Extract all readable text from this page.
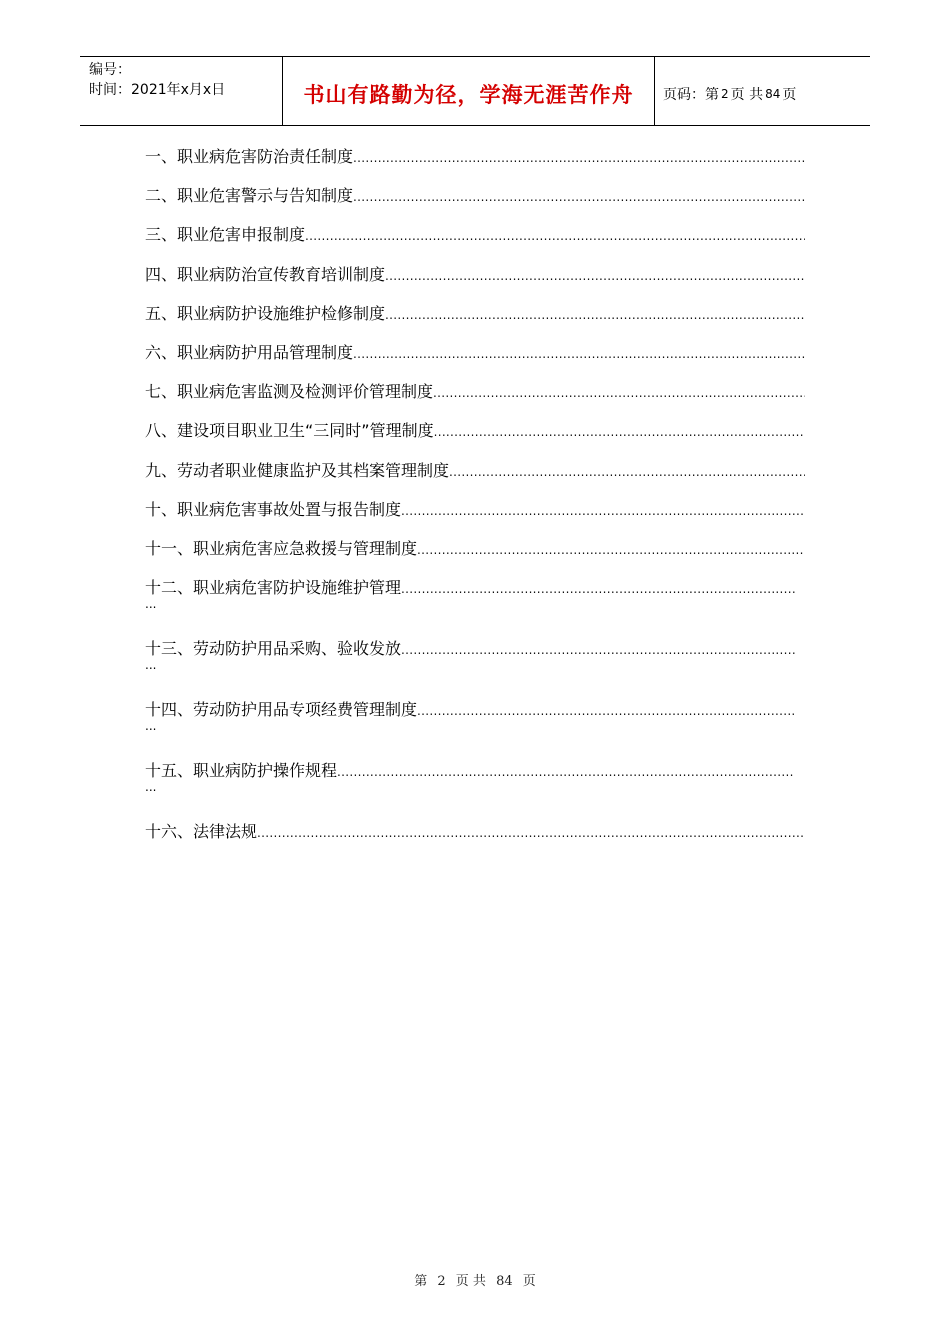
编号：
时间：2021年x月x日	书山有路勤为径，学海无涯苦作舟	页码：第 2 页 共 84 页
一、职业病危害防治责任制度
.....
二、职业危害警示与告知制度
.....
三、职业危害申报制度
.....
四、职业病防治宣传教育培训制度
.....
五、职业病防护设施维护检修制度
.....
六、职业病防护用品管理制度
.....
七、职业病危害监测及检测评价管理制度
.....
八、建设项目职业卫生“三同时”管理制度
.....
九、劳动者职业健康监护及其档案管理制度
.....
十、职业病危害事故处置与报告制度
.....
十一、职业病危害应急救援与管理制度
.....
十二、职业病危害防护设施维护管理
.....
...
十三、劳动防护用品采购、验收发放
.....
...
十四、劳动防护用品专项经费管理制度
.....
...
十五、职业病防护操作规程
.....
...
十六、法律法规
.....
第 2 页 共 84 页
